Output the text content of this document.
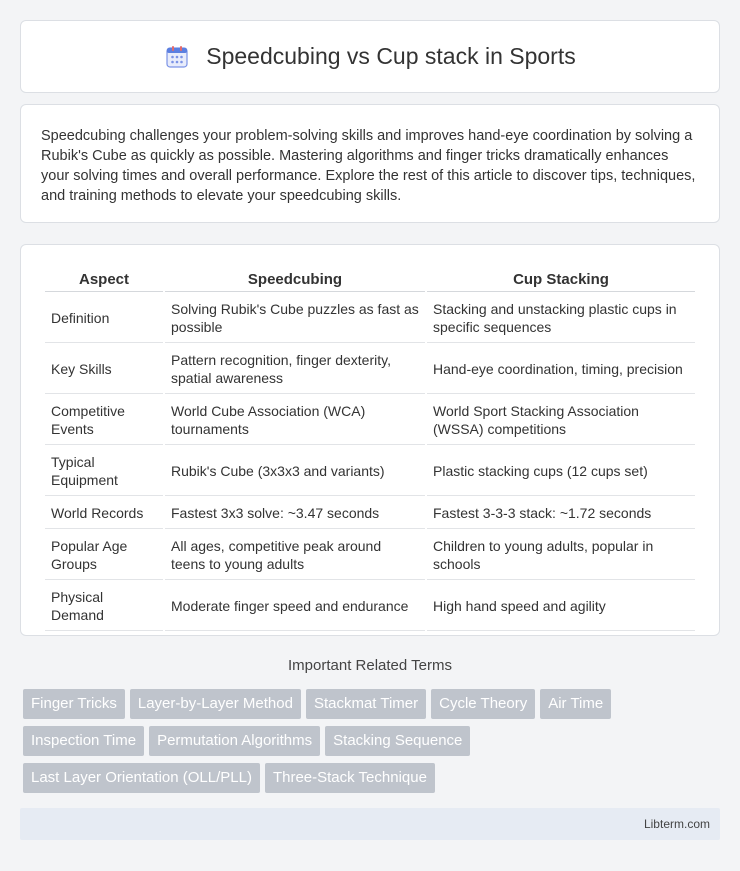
Speedcubing vs Cup stack in Sports

Speedcubing challenges your problem-solving skills and improves hand-eye coordination by solving a Rubik's Cube as quickly as possible. Mastering algorithms and finger tricks dramatically enhances your solving times and overall performance. Explore the rest of this article to discover tips, techniques, and training methods to elevate your speedcubing skills.

Aspect	Speedcubing	Cup Stacking
Definition	Solving Rubik's Cube puzzles as fast as possible	Stacking and unstacking plastic cups in specific sequences
Key Skills	Pattern recognition, finger dexterity, spatial awareness	Hand-eye coordination, timing, precision
Competitive Events	World Cube Association (WCA) tournaments	World Sport Stacking Association (WSSA) competitions
Typical Equipment	Rubik's Cube (3x3x3 and variants)	Plastic stacking cups (12 cups set)
World Records	Fastest 3x3 solve: ~3.47 seconds	Fastest 3-3-3 stack: ~1.72 seconds
Popular Age Groups	All ages, competitive peak around teens to young adults	Children to young adults, popular in schools
Physical Demand	Moderate finger speed and endurance	High hand speed and agility
Important Related Terms
Finger Tricks	Layer-by-Layer Method	Stackmat Timer	Cycle Theory	Air Time
Inspection Time	Permutation Algorithms	Stacking Sequence
Last Layer Orientation (OLL/PLL)	Three-Stack Technique
Libterm.com
